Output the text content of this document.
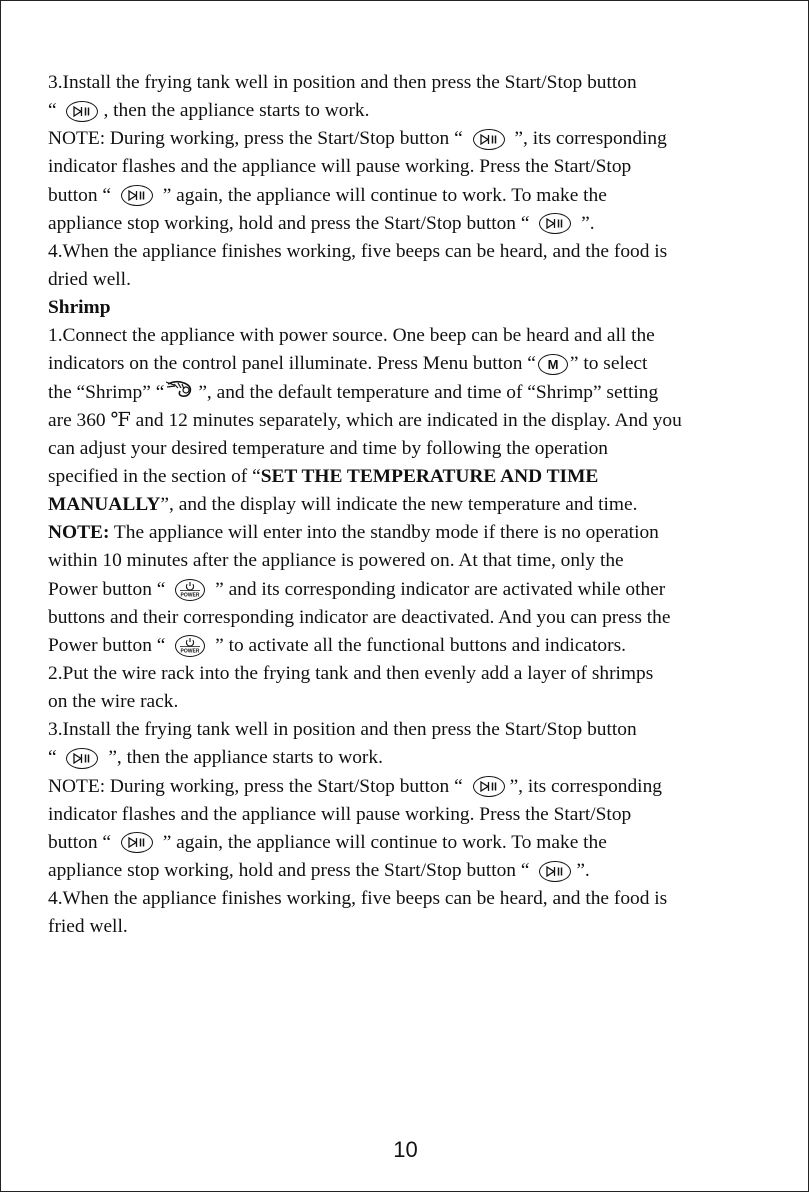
3.Install the frying tank well in position and then press the Start/Stop button
“ , then the appliance starts to work.
NOTE: During working, press the Start/Stop button “ ”, its corresponding
indicator flashes and the appliance will pause working. Press the Start/Stop
button “ ” again, the appliance will continue to work. To make the
appliance stop working, hold and press the Start/Stop button “ ”.
4.When the appliance finishes working, five beeps can be heard, and the food is
dried well.
Shrimp
1.Connect the appliance with power source. One beep can be heard and all the
indicators on the control panel illuminate. Press Menu button “ M ” to select
the “Shrimp” “ ”, and the default temperature and time of “Shrimp” setting
are 360 ℉ and 12 minutes separately, which are indicated in the display. And you
can adjust your desired temperature and time by following the operation
specified in the section of “ SET THE TEMPERATURE AND TIME
MANUALLY ”, and the display will indicate the new temperature and time.
NOTE: The appliance will enter into the standby mode if there is no operation
within 10 minutes after the appliance is powered on. At that time, only the
Power button “ POWER ” and its corresponding indicator are activated while other
buttons and their corresponding indicator are deactivated. And you can press the
Power button “ POWER ” to activate all the functional buttons and indicators.
2.Put the wire rack into the frying tank and then evenly add a layer of shrimps
on the wire rack.
3.Install the frying tank well in position and then press the Start/Stop button
“ ”, then the appliance starts to work.
NOTE: During working, press the Start/Stop button “ ”, its corresponding
indicator flashes and the appliance will pause working. Press the Start/Stop
button “ ” again, the appliance will continue to work. To make the
appliance stop working, hold and press the Start/Stop button “ ”.
4.When the appliance finishes working, five beeps can be heard, and the food is
fried well.
10
